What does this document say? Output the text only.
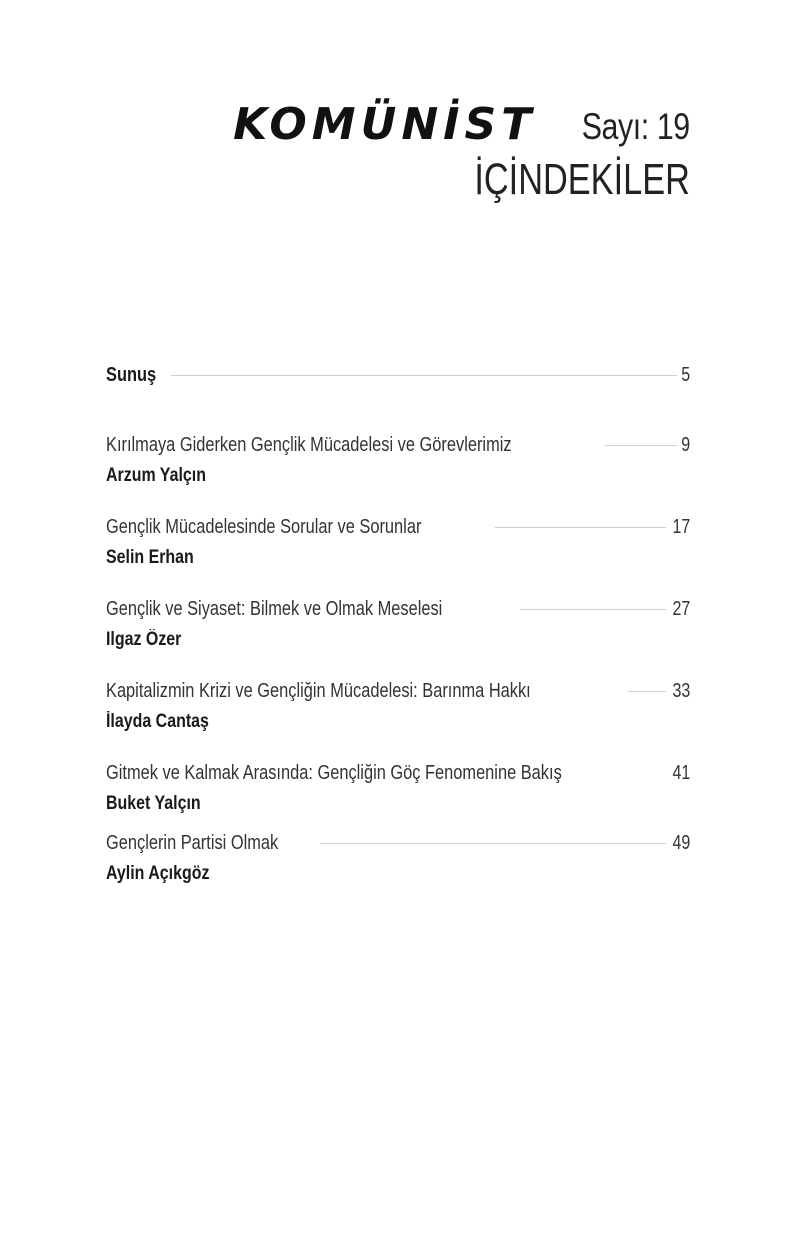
KOMÜNİST Sayı: 19
İÇİNDEKİLER
Sunuş	5
Kırılmaya Giderken Gençlik Mücadelesi ve Görevlerimiz	9
Arzum Yalçın
Gençlik Mücadelesinde Sorular ve Sorunlar	17
Selin Erhan
Gençlik ve Siyaset: Bilmek ve Olmak Meselesi	27
Ilgaz Özer
Kapitalizmin Krizi ve Gençliğin Mücadelesi: Barınma Hakkı	33
İlayda Cantaş
Gitmek ve Kalmak Arasında: Gençliğin Göç Fenomenine Bakış	41
Buket Yalçın
Gençlerin Partisi Olmak	49
Aylin Açıkgöz
